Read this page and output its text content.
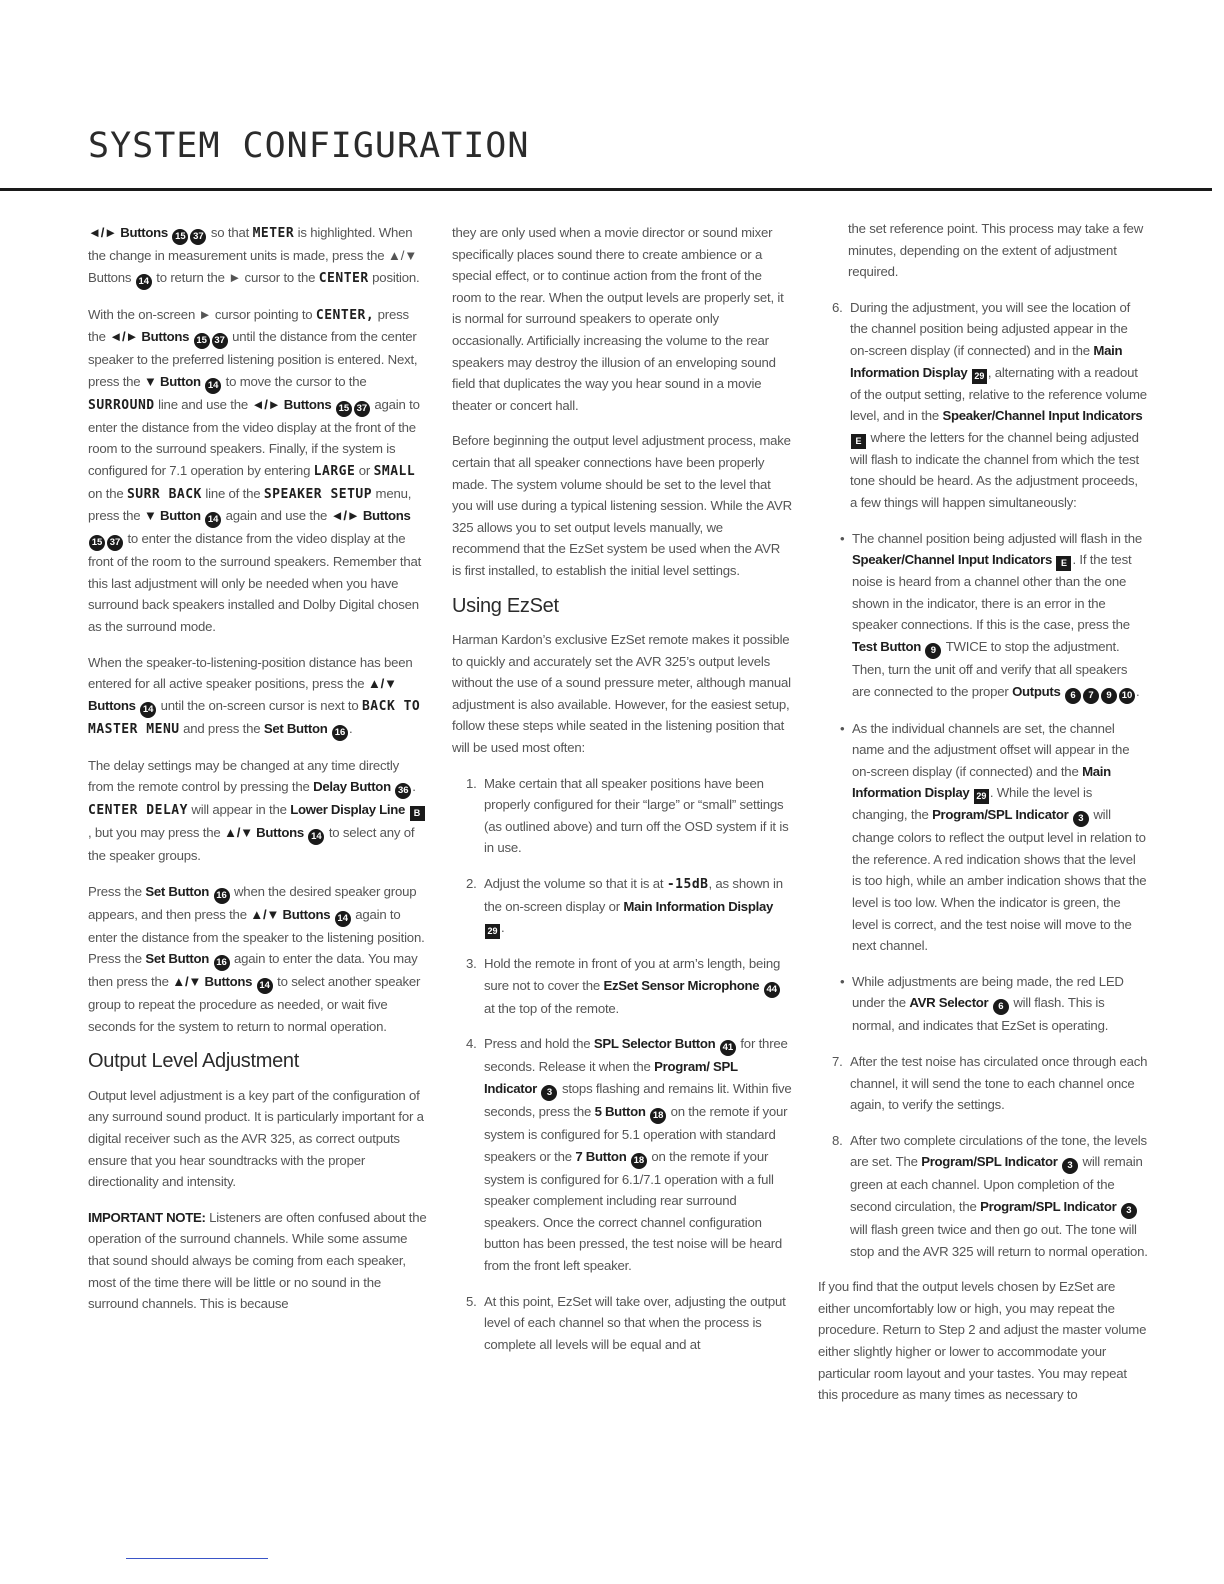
SYSTEM CONFIGURATION

◄/► Buttons 15 37 so that METER is highlighted. When the change in measurement units is made, press the ▲/▼ Buttons 14 to return the ► cursor to the CENTER position.

With the on-screen ► cursor pointing to CENTER, press the ◄/► Buttons 15 37 until the distance from the center speaker to the preferred listening position is entered. Next, press the ▼ Button 14 to move the cursor to the SURROUND line and use the ◄/► Buttons 15 37 again to enter the distance from the video display at the front of the room to the surround speakers. Finally, if the system is configured for 7.1 operation by entering LARGE or SMALL on the SURR BACK line of the SPEAKER SETUP menu, press the ▼ Button 14 again and use the ◄/► Buttons 15 37 to enter the distance from the video display at the front of the room to the surround speakers. Remember that this last adjustment will only be needed when you have surround back speakers installed and Dolby Digital chosen as the surround mode.

When the speaker-to-listening-position distance has been entered for all active speaker positions, press the ▲/▼ Buttons 14 until the on-screen cursor is next to BACK TO MASTER MENU and press the Set Button 16 .

The delay settings may be changed at any time directly from the remote control by pressing the Delay Button 36 . CENTER DELAY will appear in the Lower Display Line B, but you may press the ▲/▼ Buttons 14 to select any of the speaker groups.

Press the Set Button 16 when the desired speaker group appears, and then press the ▲/▼ Buttons 14 again to enter the distance from the speaker to the listening position. Press the Set Button 16 again to enter the data. You may then press the ▲/▼ Buttons 14 to select another speaker group to repeat the procedure as needed, or wait five seconds for the system to return to normal operation.

Output Level Adjustment

Output level adjustment is a key part of the configuration of any surround sound product. It is particularly important for a digital receiver such as the AVR 325, as correct outputs ensure that you hear soundtracks with the proper directionality and intensity.

IMPORTANT NOTE: Listeners are often confused about the operation of the surround channels. While some assume that sound should always be coming from each speaker, most of the time there will be little or no sound in the surround channels. This is because

they are only used when a movie director or sound mixer specifically places sound there to create ambience or a special effect, or to continue action from the front of the room to the rear. When the output levels are properly set, it is normal for surround speakers to operate only occasionally. Artificially increasing the volume to the rear speakers may destroy the illusion of an enveloping sound field that duplicates the way you hear sound in a movie theater or concert hall.

Before beginning the output level adjustment process, make certain that all speaker connections have been properly made. The system volume should be set to the level that you will use during a typical listening session. While the AVR 325 allows you to set output levels manually, we recommend that the EzSet system be used when the AVR is first installed, to establish the initial level settings.

Using EzSet

Harman Kardon’s exclusive EzSet remote makes it possible to quickly and accurately set the AVR 325’s output levels without the use of a sound pressure meter, although manual adjustment is also available. However, for the easiest setup, follow these steps while seated in the listening position that will be used most often:

1. Make certain that all speaker positions have been properly configured for their “large” or “small” settings (as outlined above) and turn off the OSD system if it is in use.
2. Adjust the volume so that it is at -15dB, as shown in the on-screen display or Main Information Display 29 .
3. Hold the remote in front of you at arm’s length, being sure not to cover the EzSet Sensor Microphone 44 at the top of the remote.
4. Press and hold the SPL Selector Button 41 for three seconds. Release it when the Program/ SPL Indicator 3 stops flashing and remains lit. Within five seconds, press the 5 Button 18 on the remote if your system is configured for 5.1 operation with standard speakers or the 7 Button 18 on the remote if your system is configured for 6.1/7.1 operation with a full speaker complement including rear surround speakers. Once the correct channel configuration button has been pressed, the test noise will be heard from the front left speaker.
5. At this point, EzSet will take over, adjusting the output level of each channel so that when the process is complete all levels will be equal and at

the set reference point. This process may take a few minutes, depending on the extent of adjustment required.

6. During the adjustment, you will see the location of the channel position being adjusted appear in the on-screen display (if connected) and in the Main Information Display 29 , alternating with a readout of the output setting, relative to the reference volume level, and in the Speaker/Channel Input Indicators E where the letters for the channel being adjusted will flash to indicate the channel from which the test tone should be heard. As the adjustment proceeds, a few things will happen simultaneously:
• The channel position being adjusted will flash in the Speaker/Channel Input Indicators E . If the test noise is heard from a channel other than the one shown in the indicator, there is an error in the speaker connections. If this is the case, press the Test Button 9 TWICE to stop the adjustment. Then, turn the unit off and verify that all speakers are connected to the proper Outputs 6 7 9 10 .
• As the individual channels are set, the channel name and the adjustment offset will appear in the on-screen display (if connected) and the Main Information Display 29 . While the level is changing, the Program/SPL Indicator 3 will change colors to reflect the output level in relation to the reference. A red indication shows that the level is too high, while an amber indication shows that the level is too low. When the indicator is green, the level is correct, and the test noise will move to the next channel.
• While adjustments are being made, the red LED under the AVR Selector 6 will flash. This is normal, and indicates that EzSet is operating.
7. After the test noise has circulated once through each channel, it will send the tone to each channel once again, to verify the settings.
8. After two complete circulations of the tone, the levels are set. The Program/SPL Indicator 3 will remain green at each channel. Upon completion of the second circulation, the Program/SPL Indicator 3 will flash green twice and then go out. The tone will stop and the AVR 325 will return to normal operation.

If you find that the output levels chosen by EzSet are either uncomfortably low or high, you may repeat the procedure. Return to Step 2 and adjust the master volume either slightly higher or lower to accommodate your particular room layout and your tastes. You may repeat this procedure as many times as necessary to
